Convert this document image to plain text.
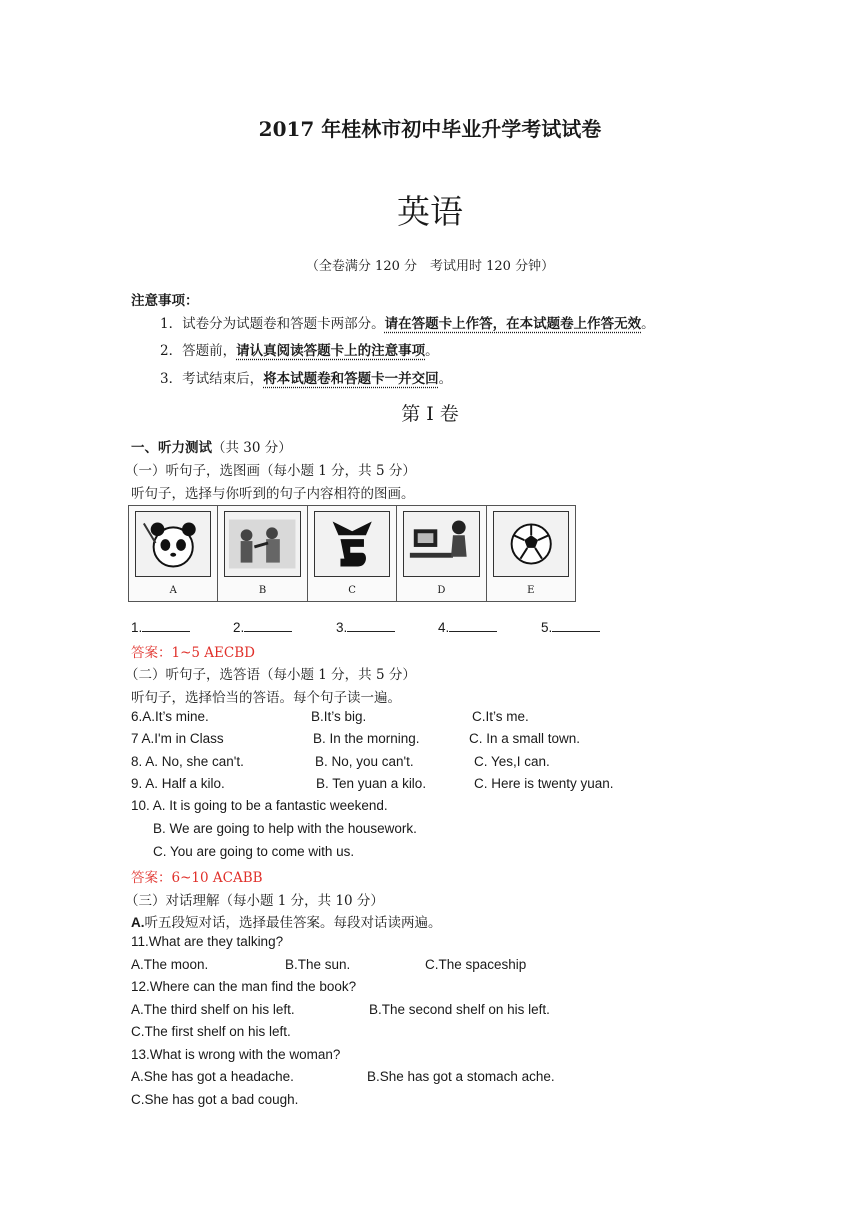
2017 年桂林市初中毕业升学考试试卷
英语
（全卷满分 120 分　考试用时 120 分钟）
注意事项：
1．试卷分为试题卷和答题卡两部分。请在答题卡上作答，在本试题卷上作答无效。
2．答题前，请认真阅读答题卡上的注意事项。
3．考试结束后，将本试题卷和答题卡一并交回。
第 I 卷
一、听力测试（共 30 分）
（一）听句子，选图画（每小题 1 分，共 5 分）
听句子，选择与你听到的句子内容相符的图画。
A	B	C	D	E
1.	2.	3.	4.	5.
答案：1~5 AECBD
（二）听句子，选答语（每小题 1 分，共 5 分）
听句子，选择恰当的答语。每个句子读一遍。
6.A.It’s mine.	B.It’s big.	C.It’s me.
7 A.I'm in Class	B. In the morning.	C. In a small town.
8. A. No, she can't.	B. No, you can't.	C. Yes,I can.
9. A. Half a kilo.	B. Ten yuan a kilo.	C. Here is twenty yuan.
10. A. It is going to be a fantastic weekend.
B. We are going to help with the housework.
C. You are going to come with us.
答案：6~10 ACABB
（三）对话理解（每小题 1 分，共 10 分）
A.听五段短对话，选择最佳答案。每段对话读两遍。
11.What are they talking?
A.The moon.	B.The sun.	C.The spaceship
12.Where can the man find the book?
A.The third shelf on his left.	B.The second shelf on his left.
C.The first shelf on his left.
13.What is wrong with the woman?
A.She has got a headache.	B.She has got a stomach ache.
C.She has got a bad cough.
